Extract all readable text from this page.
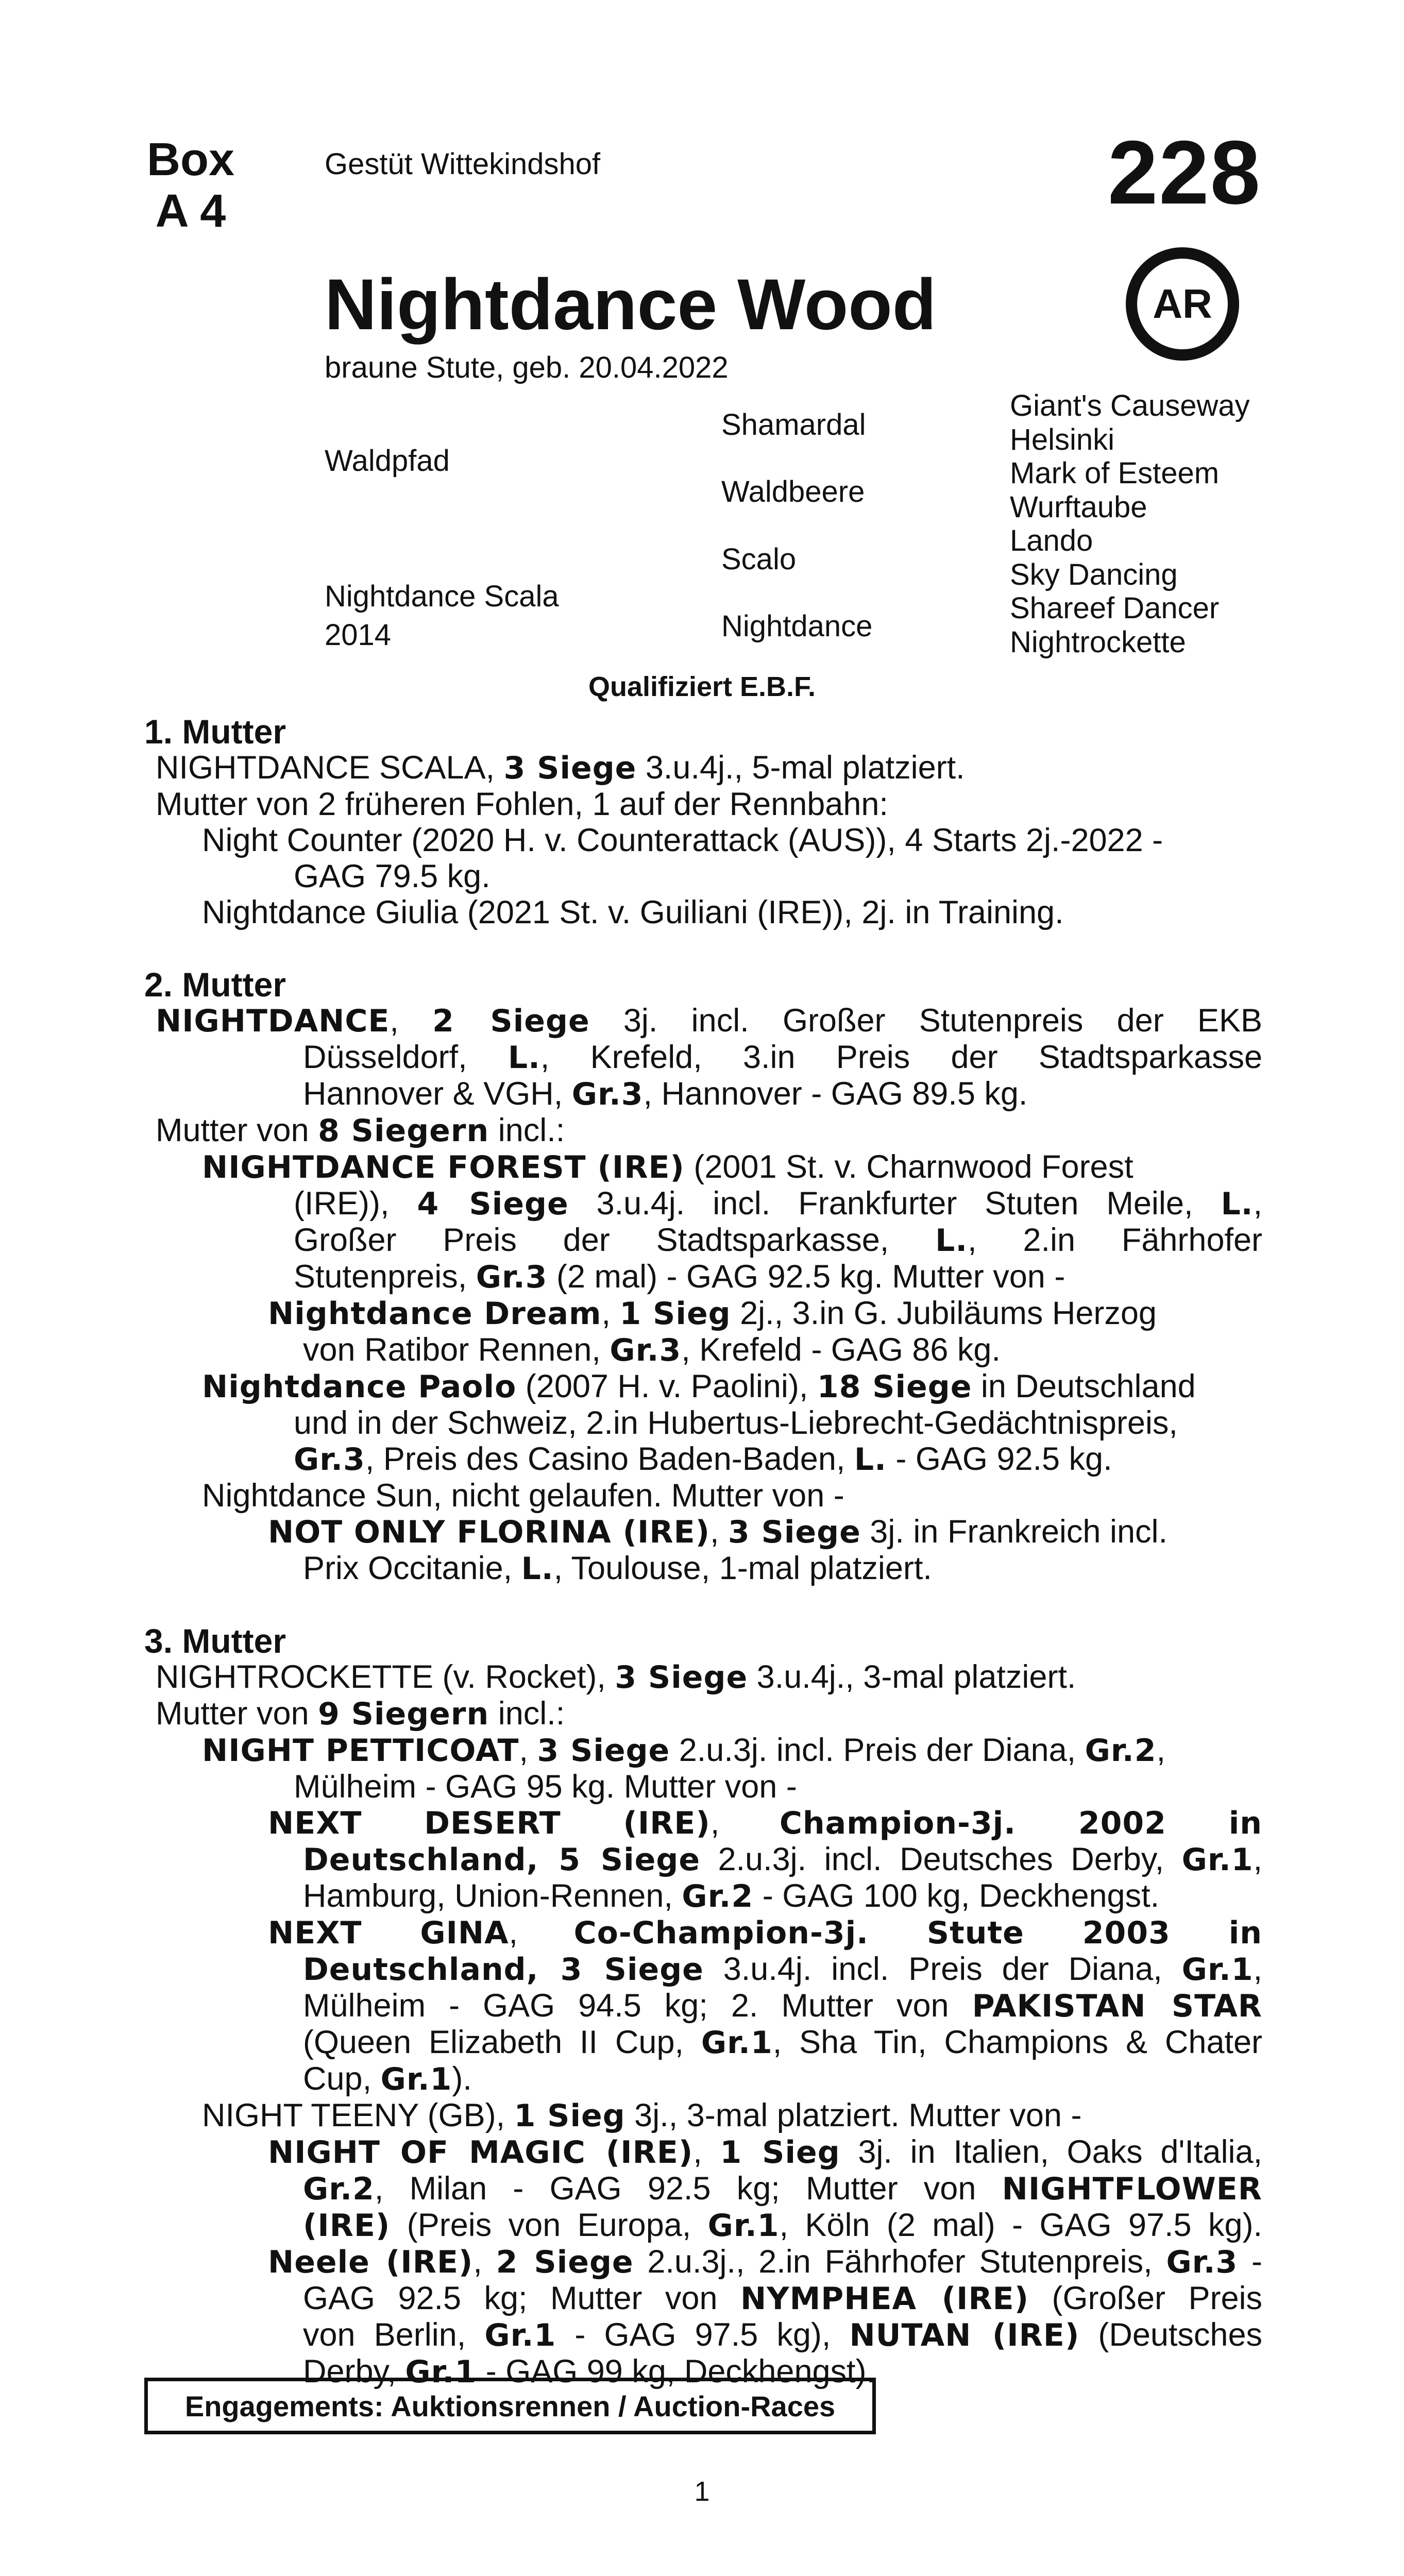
Box
A 4
Gestüt Wittekindshof	228
AR
Nightdance Wood
braune Stute, geb. 20.04.2022
Waldpfad
Nightdance Scala
2014
Shamardal
Waldbeere
Scalo
Nightdance
Giant's Causeway
Helsinki
Mark of Esteem
Wurftaube
Lando
Sky Dancing
Shareef Dancer
Nightrockette
Qualifiziert E.B.F.
1. Mutter
NIGHTDANCE SCALA, 3 Siege 3.u.4j., 5-mal platziert.
Mutter von 2 früheren Fohlen, 1 auf der Rennbahn:
Night Counter (2020 H. v. Counterattack (AUS)), 4 Starts 2j.-2022 -
GAG 79.5 kg.
Nightdance Giulia (2021 St. v. Guiliani (IRE)), 2j. in Training.
2. Mutter
NIGHTDANCE, 2 Siege 3j. incl. Großer Stutenpreis der EKB
Düsseldorf, L., Krefeld, 3.in Preis der Stadtsparkasse
Hannover & VGH, Gr.3, Hannover - GAG 89.5 kg.
Mutter von 8 Siegern incl.:
NIGHTDANCE FOREST (IRE) (2001 St. v. Charnwood Forest
(IRE)), 4 Siege 3.u.4j. incl. Frankfurter Stuten Meile, L.,
Großer Preis der Stadtsparkasse, L., 2.in Fährhofer
Stutenpreis, Gr.3 (2 mal) - GAG 92.5 kg. Mutter von -
Nightdance Dream, 1 Sieg 2j., 3.in G. Jubiläums Herzog
von Ratibor Rennen, Gr.3, Krefeld - GAG 86 kg.
Nightdance Paolo (2007 H. v. Paolini), 18 Siege in Deutschland
und in der Schweiz, 2.in Hubertus-Liebrecht-Gedächtnispreis,
Gr.3, Preis des Casino Baden-Baden, L. - GAG 92.5 kg.
Nightdance Sun, nicht gelaufen. Mutter von -
NOT ONLY FLORINA (IRE), 3 Siege 3j. in Frankreich incl.
Prix Occitanie, L., Toulouse, 1-mal platziert.
3. Mutter
NIGHTROCKETTE (v. Rocket), 3 Siege 3.u.4j., 3-mal platziert.
Mutter von 9 Siegern incl.:
NIGHT PETTICOAT, 3 Siege 2.u.3j. incl. Preis der Diana, Gr.2,
Mülheim - GAG 95 kg. Mutter von -
NEXT DESERT (IRE), Champion-3j. 2002 in
Deutschland, 5 Siege 2.u.3j. incl. Deutsches Derby, Gr.1,
Hamburg, Union-Rennen, Gr.2 - GAG 100 kg, Deckhengst.
NEXT GINA, Co-Champion-3j. Stute 2003 in
Deutschland, 3 Siege 3.u.4j. incl. Preis der Diana, Gr.1,
Mülheim - GAG 94.5 kg; 2. Mutter von PAKISTAN STAR
(Queen Elizabeth II Cup, Gr.1, Sha Tin, Champions & Chater
Cup, Gr.1).
NIGHT TEENY (GB), 1 Sieg 3j., 3-mal platziert. Mutter von -
NIGHT OF MAGIC (IRE), 1 Sieg 3j. in Italien, Oaks d'Italia,
Gr.2, Milan - GAG 92.5 kg; Mutter von NIGHTFLOWER
(IRE) (Preis von Europa, Gr.1, Köln (2 mal) - GAG 97.5 kg).
Neele (IRE), 2 Siege 2.u.3j., 2.in Fährhofer Stutenpreis, Gr.3 -
GAG 92.5 kg; Mutter von NYMPHEA (IRE) (Großer Preis
von Berlin, Gr.1 - GAG 97.5 kg), NUTAN (IRE) (Deutsches
Derby, Gr.1 - GAG 99 kg, Deckhengst).
Engagements: Auktionsrennen / Auction-Races
1
